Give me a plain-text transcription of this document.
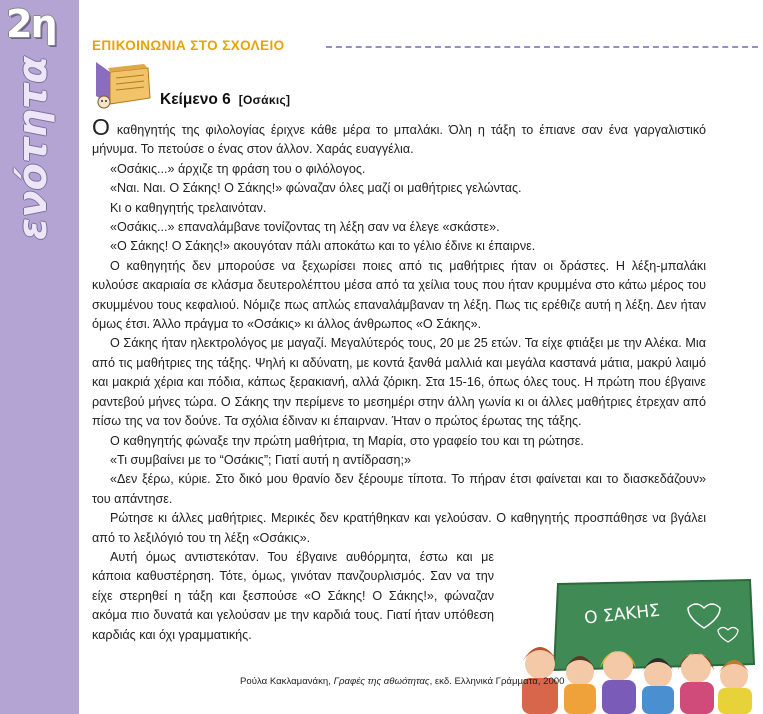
2η
ενότητα
ΕΠΙΚΟΙΝΩΝΙΑ ΣΤΟ ΣΧΟΛΕΙΟ
Κείμενο 6 [Οσάκις]

Ο καθηγητής της φιλολογίας έριχνε κάθε μέρα το μπαλάκι. Όλη η τάξη το έπιανε σαν ένα γαργαλιστικό μήνυμα. Το πετούσε ο ένας στον άλλον. Χαράς ευαγγέλια.

«Οσάκις...» άρχιζε τη φράση του ο φιλόλογος.

«Ναι. Ναι. Ο Σάκης! Ο Σάκης!» φώναζαν όλες μαζί οι μαθήτριες γελώντας.

Κι ο καθηγητής τρελαινόταν.

«Οσάκις...» επαναλάμβανε τονίζοντας τη λέξη σαν να έλεγε «σκάστε».

«Ο Σάκης! Ο Σάκης!» ακουγόταν πάλι αποκάτω και το γέλιο έδινε κι έπαιρνε.

Ο καθηγητής δεν μπορούσε να ξεχωρίσει ποιες από τις μαθήτριες ήταν οι δράστες. Η λέξη-μπαλάκι κυλούσε ακαριαία σε κλάσμα δευτερολέπτου μέσα από τα χείλια τους που ήταν κρυμμένα στο κάτω μέρος του σκυμμένου τους κεφαλιού. Νόμιζε πως απλώς επαναλάμβαναν τη λέξη. Πως τις ερέθιζε αυτή η λέξη. Δεν ήταν όμως έτσι. Άλλο πράγμα το «Οσάκις» κι άλλος άνθρωπος «Ο Σάκης».

Ο Σάκης ήταν ηλεκτρολόγος με μαγαζί. Μεγαλύτερός τους, 20 με 25 ετών. Τα είχε φτιάξει με την Αλέκα. Μια από τις μαθήτριες της τάξης. Ψηλή κι αδύνατη, με κοντά ξανθά μαλλιά και μεγάλα καστανά μάτια, μακρύ λαιμό και μακριά χέρια και πόδια, κάπως ξερακιανή, αλλά ζόρικη. Στα 15-16, όπως όλες τους. Η πρώτη που έβγαινε ραντεβού μήνες τώρα. Ο Σάκης την περίμενε το μεσημέρι στην άλλη γωνία κι οι άλλες μαθήτριες έτρεχαν από πίσω της να τον δούνε. Τα σχόλια έδιναν κι έπαιρναν. Ήταν ο πρώτος έρωτας της τάξης.

Ο καθηγητής φώναξε την πρώτη μαθήτρια, τη Μαρία, στο γραφείο του και τη ρώτησε.

«Τι συμβαίνει με το “Οσάκις”; Γιατί αυτή η αντίδραση;»

«Δεν ξέρω, κύριε. Στο δικό μου θρανίο δεν ξέρουμε τίποτα. Το πήραν έτσι φαίνεται και το διασκεδάζουν» του απάντησε.

Ρώτησε κι άλλες μαθήτριες. Μερικές δεν κρατήθηκαν και γελούσαν. Ο καθηγητής προσπάθησε να βγάλει από το λεξιλόγιό του τη λέξη «Οσάκις».

Αυτή όμως αντιστεκόταν. Του έβγαινε αυθόρμητα, έστω και με κάποια καθυστέρηση. Τότε, όμως, γινόταν πανζουρλισμός. Σαν να την είχε στερηθεί η τάξη και ξεσπούσε «Ο Σάκης! Ο Σάκης!», φώναζαν ακόμα πιο δυνατά και γελούσαν με την καρδιά τους. Γιατί ήταν υπόθεση καρδιάς και όχι γραμματικής.

Ο ΣΑΚΗΣ
Ρούλα Κακλαμανάκη, Γραφές της αθωότητας, εκδ. Ελληνικά Γράμματα, 2000
